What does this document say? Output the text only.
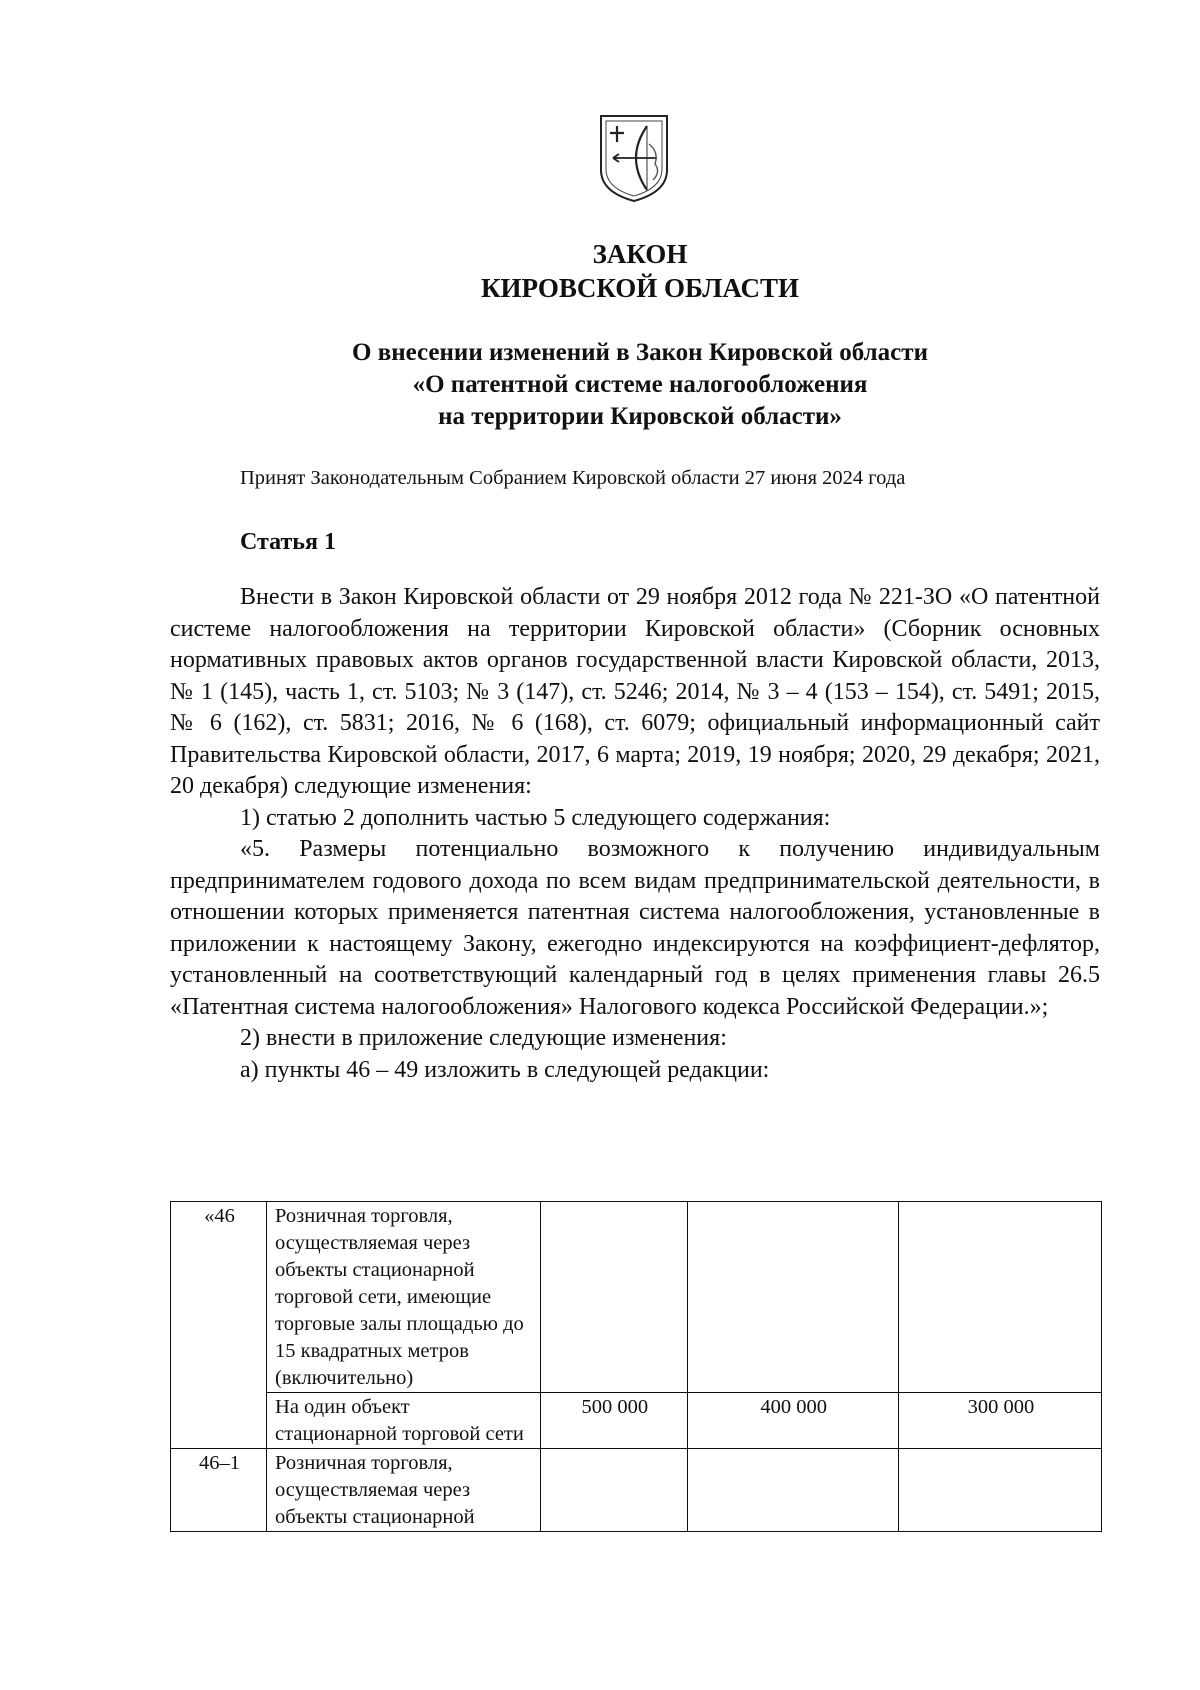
ЗАКОН
КИРОВСКОЙ ОБЛАСТИ
О внесении изменений в Закон Кировской области
«О патентной системе налогообложения
на территории Кировской области»
Принят Законодательным Собранием Кировской области 27 июня 2024 года
Статья 1

Внести в Закон Кировской области от 29 ноября 2012 года № 221-ЗО «О патентной системе налогообложения на территории Кировской области» (Сборник основных нормативных правовых актов органов государственной власти Кировской области, 2013, № 1 (145), часть 1, ст. 5103; № 3 (147), ст. 5246; 2014, № 3 – 4 (153 – 154), ст. 5491; 2015, № 6 (162), ст. 5831; 2016, № 6 (168), ст. 6079; официальный информационный сайт Правительства Кировской области, 2017, 6 марта; 2019, 19 ноября; 2020, 29 декабря; 2021, 20 декабря) следующие изменения:

1) статью 2 дополнить частью 5 следующего содержания:

«5. Размеры потенциально возможного к получению индивидуальным предпринимателем годового дохода по всем видам предпринимательской деятельности, в отношении которых применяется патентная система налогообложения, установленные в приложении к настоящему Закону, ежегодно индексируются на коэффициент-дефлятор, установленный на соответствующий календарный год в целях применения главы 26.5 «Патентная система налогообложения» Налогового кодекса Российской Федерации.»;

2) внести в приложение следующие изменения:

а) пункты 46 – 49 изложить в следующей редакции:

«46	Розничная торговля, осуществляемая через объекты стационарной торговой сети, имеющие торговые залы площадью до 15 квадратных метров (включительно)			
	На один объект стационарной торговой сети	500 000	400 000	300 000
46–1	Розничная торговля, осуществляемая через объекты стационарной			
